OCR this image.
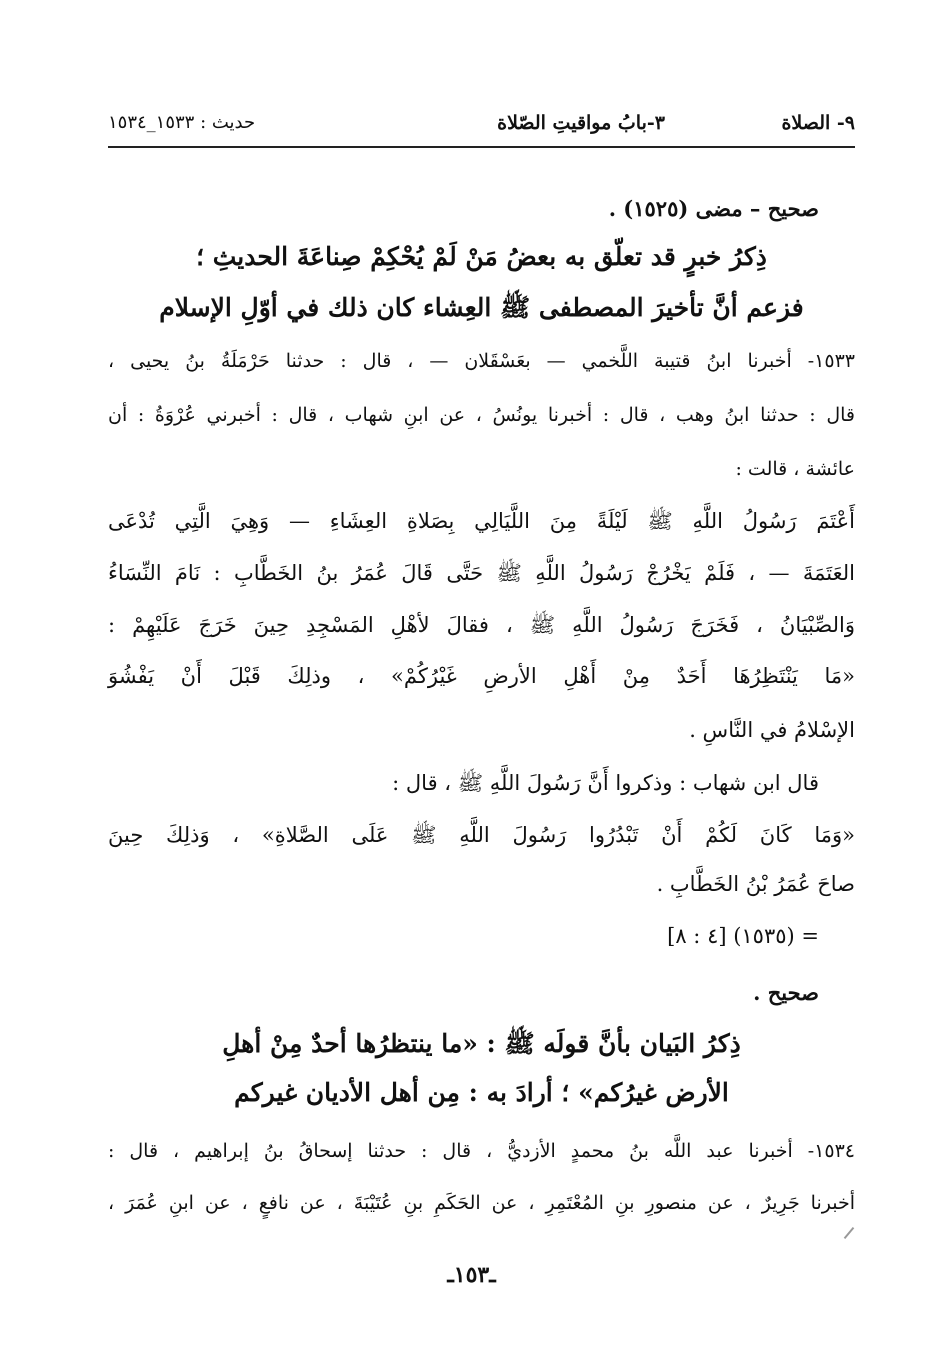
٩- الصلاة
٣-بابُ مواقيتِ الصّلاة
حديث : ١٥٣٣_١٥٣٤
صحيح – مضى (١٥٢٥) .
ذِكرُ خبرٍ قد تعلّق به بعضُ مَنْ لَمْ يُحْكِمْ صِناعَةَ الحديثِ ؛
فزعم أنَّ تأخيرَ المصطفى ﷺ العِشاء كان ذلك في أوّلِ الإسلام
١٥٣٣- أخبرنا ابنُ قتيبة اللَّخمي — بعَسْقَلان — ، قال : حدثنا حَرْمَلَةُ بنُ يحيى ،
قال : حدثنا ابنُ وهب ، قال : أخبرنا يونُسُ ، عن ابنِ شهاب ، قال : أخبرني عُرْوَةُ : أن
عائشة ، قالت :
أَعْتَمَ رَسُولُ اللَّهِ ﷺ لَيْلَةً مِنَ اللَّيَالِي بِصَلاةِ العِشَاءِ — وَهِيَ الَّتِي تُدْعَى
العَتَمَةَ — ، فَلَمْ يَخْرُجْ رَسُولُ اللَّهِ ﷺ حَتَّى قَالَ عُمَرُ بنُ الخَطَّابِ : نَامَ النِّسَاءُ
وَالصِّبْيَانُ ، فَخَرَجَ رَسُولُ اللَّهِ ﷺ ، فقالَ لأهْلِ المَسْجِدِ حِينَ خَرَجَ عَلَيْهِمْ :
«مَا يَنْتَظِرُهَا أَحَدٌ مِنْ أَهْلِ الأرضِ غَيْرُكُمْ» ، وذلِكَ قَبْلَ أَنْ يَفْشُوَ
الإسْلامُ في النَّاسِ .
قال ابن شهاب : وذكروا أَنَّ رَسُولَ اللَّهِ ﷺ ، قال :
«وَمَا كَانَ لَكُمْ أَنْ تَبْدُرُوا رَسُولَ اللَّهِ ﷺ عَلَى الصَّلاةِ» ، وَذلِكَ حِينَ
صاحَ عُمَرُ بْنُ الخَطَّابِ .
= (١٥٣٥) [٤ : ٨]
صحيح .
ذِكرُ البَيان بأنَّ قولَه ﷺ : «ما ينتظرُها أحدٌ مِنْ أهلِ
الأرض غيرُكم» ؛ أرادَ به : مِن أهل الأديان غيركم
١٥٣٤- أخبرنا عبد اللَّه بنُ محمدٍ الأزديُّ ، قال : حدثنا إسحاقُ بنُ إبراهيم ، قال :
أخبرنا جَرِيرٌ ، عن منصورِ بنِ المُعْتَمِرِ ، عن الحَكَمِ بنِ عُتَيْبَةَ ، عن نافعٍ ، عن ابنِ عُمَرَ ،
ـ١٥٣ـ
